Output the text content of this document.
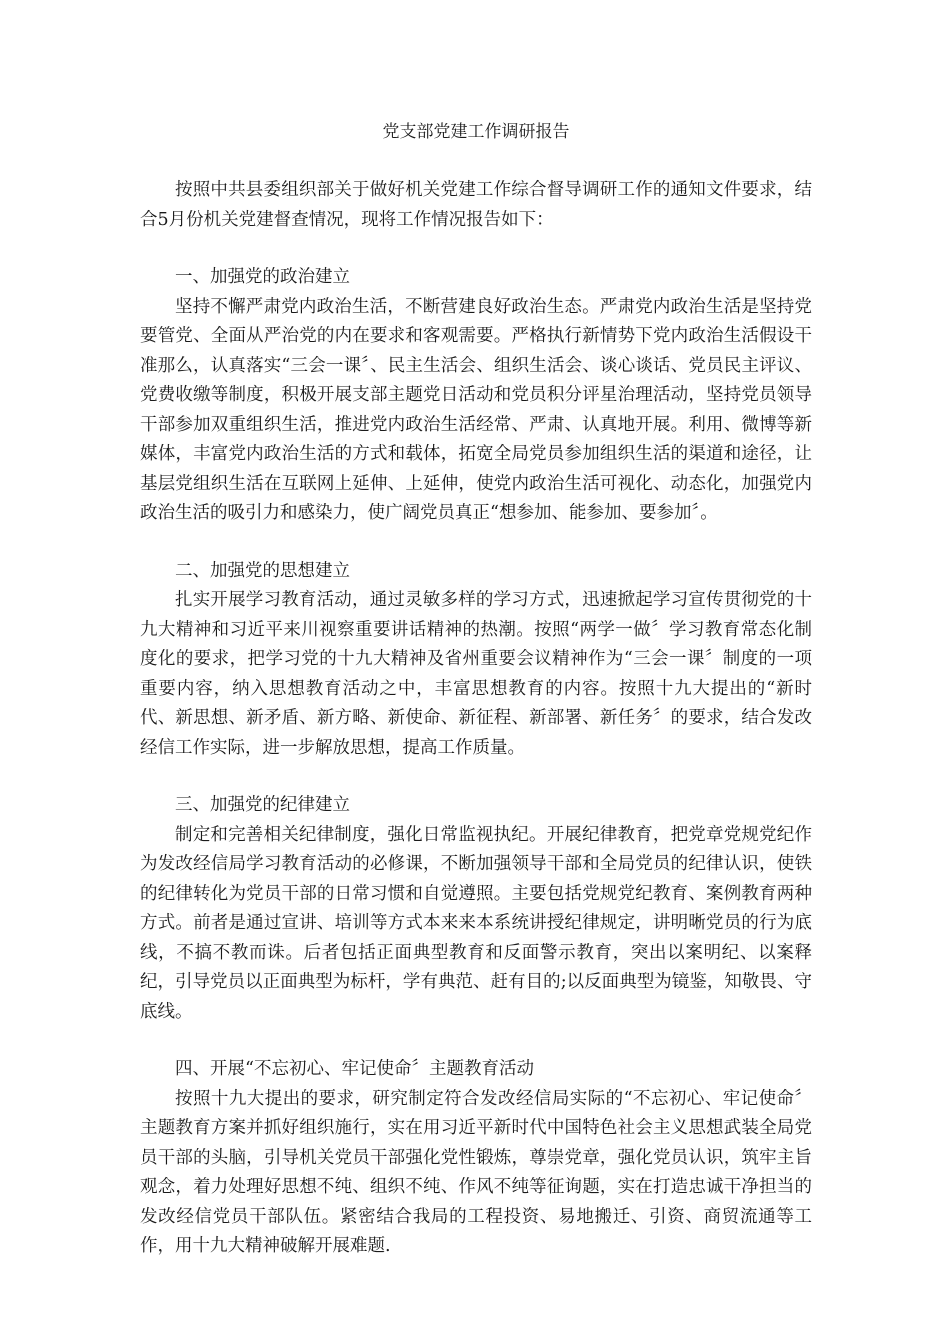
党支部党建工作调研报告

按照中共县委组织部关于做好机关党建工作综合督导调研工作的通知文件要求，结合5月份机关党建督查情况，现将工作情况报告如下：

一、加强党的政治建立

坚持不懈严肃党内政治生活，不断营建良好政治生态。严肃党内政治生活是坚持党要管党、全面从严治党的内在要求和客观需要。严格执行新情势下党内政治生活假设干准那么，认真落实“三会一课〞、民主生活会、组织生活会、谈心谈话、党员民主评议、党费收缴等制度，积极开展支部主题党日活动和党员积分评星治理活动，坚持党员领导干部参加双重组织生活，推进党内政治生活经常、严肃、认真地开展。利用、微博等新媒体，丰富党内政治生活的方式和载体，拓宽全局党员参加组织生活的渠道和途径，让基层党组织生活在互联网上延伸、上延伸，使党内政治生活可视化、动态化，加强党内政治生活的吸引力和感染力，使广阔党员真正“想参加、能参加、要参加〞。

二、加强党的思想建立

扎实开展学习教育活动，通过灵敏多样的学习方式，迅速掀起学习宣传贯彻党的十九大精神和习近平来川视察重要讲话精神的热潮。按照“两学一做〞学习教育常态化制度化的要求，把学习党的十九大精神及省州重要会议精神作为“三会一课〞制度的一项重要内容，纳入思想教育活动之中，丰富思想教育的内容。按照十九大提出的“新时代、新思想、新矛盾、新方略、新使命、新征程、新部署、新任务〞的要求，结合发改经信工作实际，进一步解放思想，提高工作质量。

三、加强党的纪律建立

制定和完善相关纪律制度，强化日常监视执纪。开展纪律教育，把党章党规党纪作为发改经信局学习教育活动的必修课，不断加强领导干部和全局党员的纪律认识，使铁的纪律转化为党员干部的日常习惯和自觉遵照。主要包括党规党纪教育、案例教育两种方式。前者是通过宣讲、培训等方式本来来本系统讲授纪律规定，讲明晰党员的行为底线，不搞不教而诛。后者包括正面典型教育和反面警示教育，突出以案明纪、以案释纪，引导党员以正面典型为标杆，学有典范、赶有目的;以反面典型为镜鉴，知敬畏、守底线。

四、开展“不忘初心、牢记使命〞主题教育活动

按照十九大提出的要求，研究制定符合发改经信局实际的“不忘初心、牢记使命〞主题教育方案并抓好组织施行，实在用习近平新时代中国特色社会主义思想武装全局党员干部的头脑，引导机关党员干部强化党性锻炼，尊崇党章，强化党员认识，筑牢主旨观念，着力处理好思想不纯、组织不纯、作风不纯等征询题，实在打造忠诚干净担当的发改经信党员干部队伍。紧密结合我局的工程投资、易地搬迁、引资、商贸流通等工作，用十九大精神破解开展难题.
